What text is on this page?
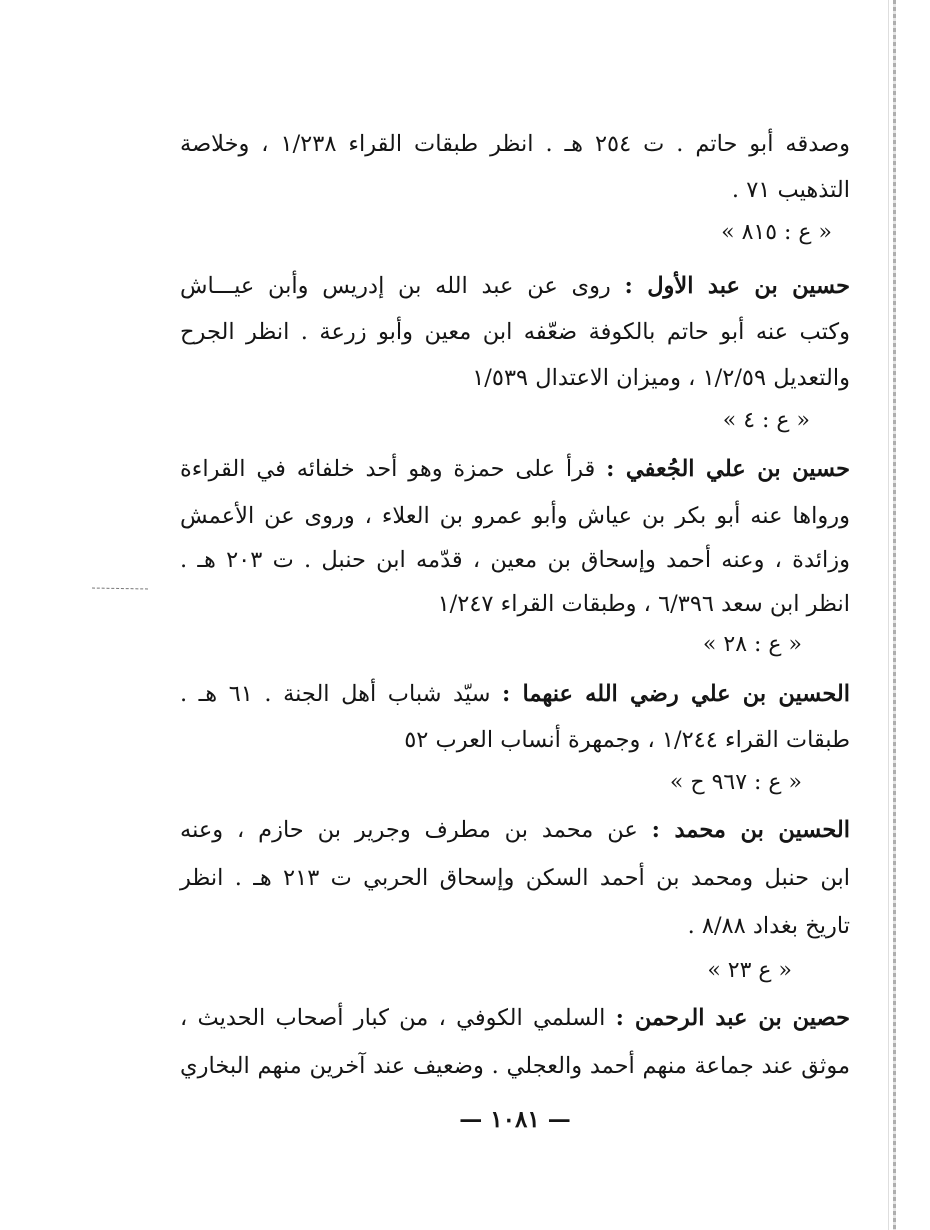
وصدقه أبو حاتم . ت ٢٥٤ هـ . انظر طبقات القراء ١/٢٣٨ ، وخلاصة
التذهيب ٧١ .
« ع : ٨١٥ »
حسين بن عبد الأول : روى عن عبد الله بن إدريس وأبن عيـــاش
وكتب عنه أبو حاتم بالكوفة ضعّفه ابن معين وأبو زرعة . انظر الجرح
والتعديل ١/٢/٥٩ ، وميزان الاعتدال ١/٥٣٩
« ع : ٤ »
حسين بن علي الجُعفي : قرأ على حمزة وهو أحد خلفائه في القراءة
ورواها عنه أبو بكر بن عياش وأبو عمرو بن العلاء ، وروى عن الأعمش
وزائدة ، وعنه أحمد وإسحاق بن معين ، قدّمه ابن حنبل . ت ٢٠٣ هـ .
انظر ابن سعد ٦/٣٩٦ ، وطبقات القراء ١/٢٤٧
« ع : ٢٨ »
الحسين بن علي رضي الله عنهما : سيّد شباب أهل الجنة . ٦١ هـ .
طبقات القراء ١/٢٤٤ ، وجمهرة أنساب العرب ٥٢
« ع : ٩٦٧ ح »
الحسين بن محمد : عن محمد بن مطرف وجرير بن حازم ، وعنه
ابن حنبل ومحمد بن أحمد السكن وإسحاق الحربي ت ٢١٣ هـ . انظر
تاريخ بغداد ٨/٨٨ .
« ع ٢٣ »
حصين بن عبد الرحمن : السلمي الكوفي ، من كبار أصحاب الحديث ،
موثق عند جماعة منهم أحمد والعجلي . وضعيف عند آخرين منهم البخاري
— ١٠٨١ —
